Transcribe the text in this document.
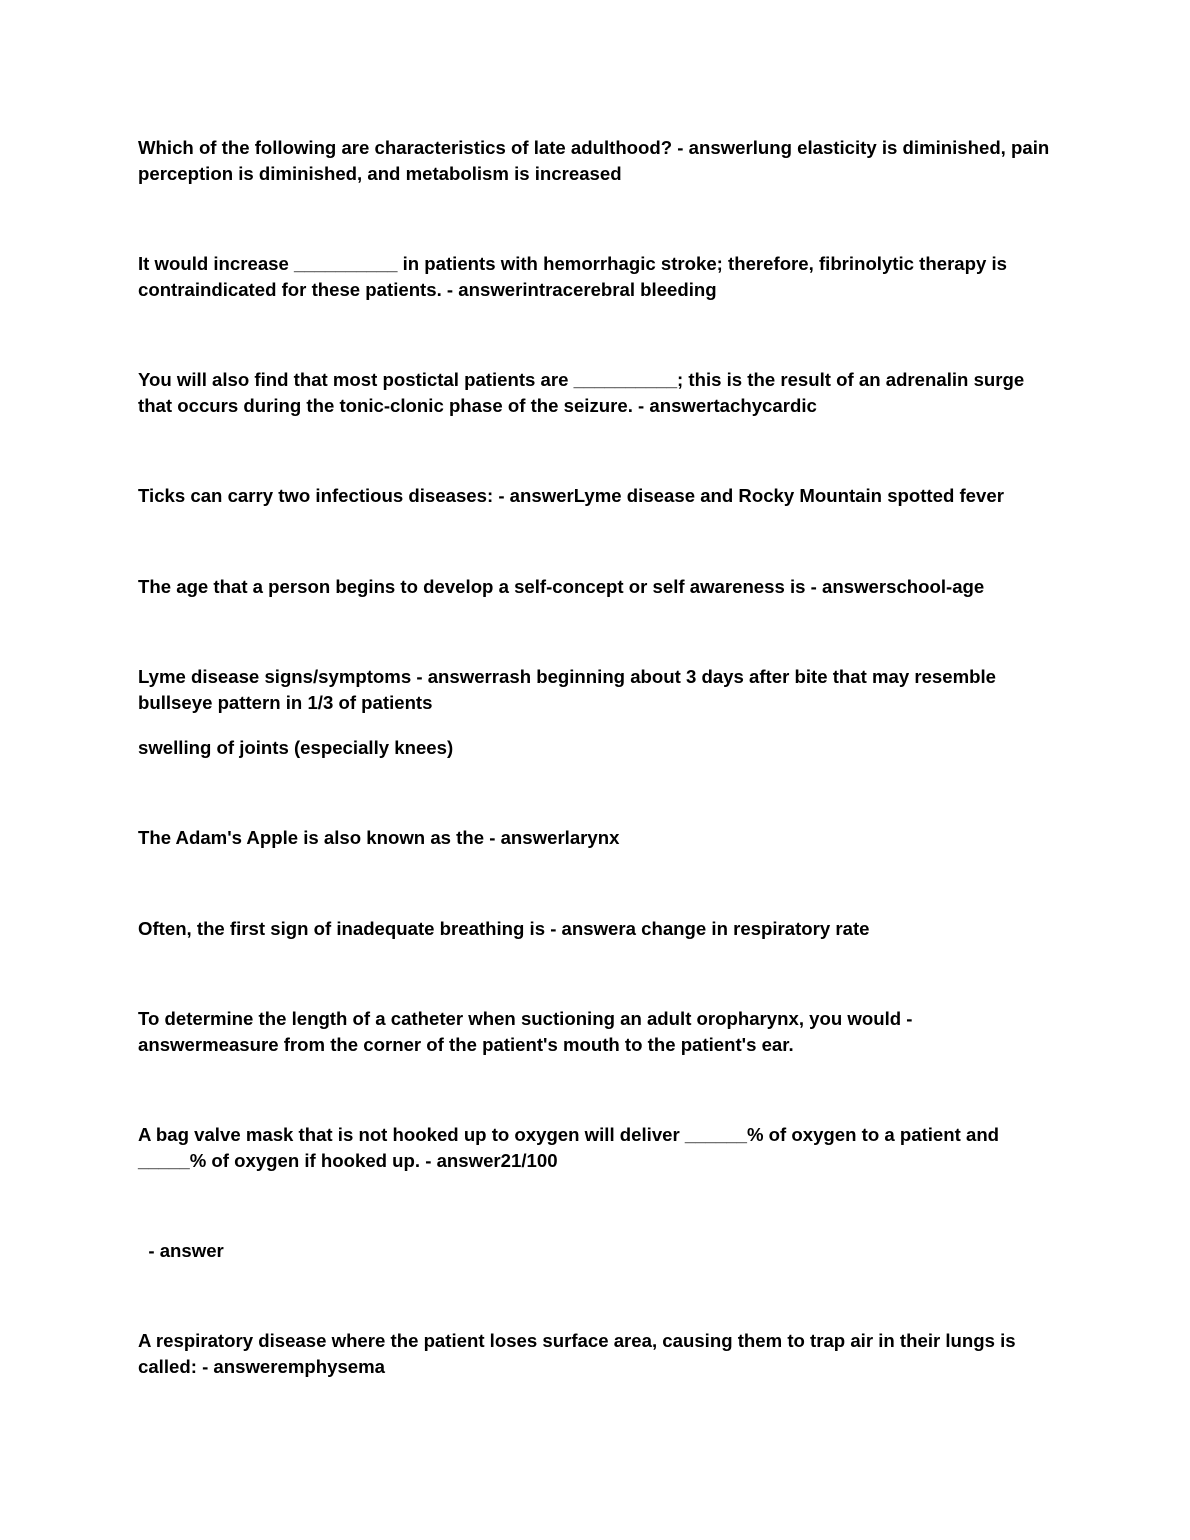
Which of the following are characteristics of late adulthood? - answerlung elasticity is diminished, pain perception is diminished, and metabolism is increased

It would increase __________ in patients with hemorrhagic stroke; therefore, fibrinolytic therapy is contraindicated for these patients. - answerintracerebral bleeding

You will also find that most postictal patients are __________; this is the result of an adrenalin surge that occurs during the tonic-clonic phase of the seizure. - answertachycardic

Ticks can carry two infectious diseases: - answerLyme disease and Rocky Mountain spotted fever

The age that a person begins to develop a self-concept or self awareness is - answerschool-age

Lyme disease signs/symptoms - answerrash beginning about 3 days after bite that may resemble bullseye pattern in 1/3 of patients

swelling of joints (especially knees)

The Adam's Apple is also known as the - answerlarynx

Often, the first sign of inadequate breathing is - answera change in respiratory rate

To determine the length of a catheter when suctioning an adult oropharynx, you would - answermeasure from the corner of the patient's mouth to the patient's ear.

A bag valve mask that is not hooked up to oxygen will deliver ______% of oxygen to a patient and _____% of oxygen if hooked up. - answer21/100

- answer

A respiratory disease where the patient loses surface area, causing them to trap air in their lungs is called: - answeremphysema
